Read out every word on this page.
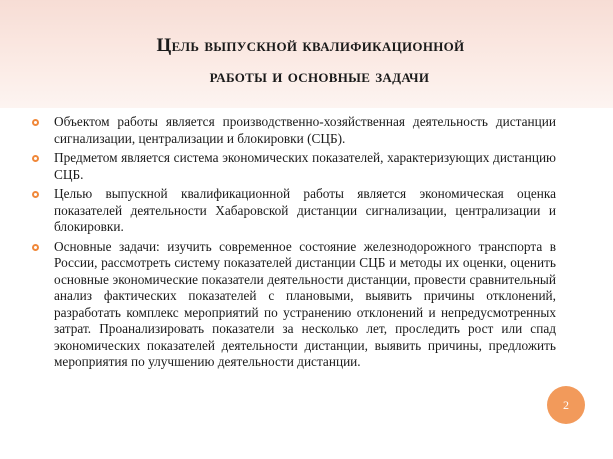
Цель выпускной квалификационной
работы и основные задачи
Объектом работы является производственно-хозяйственная деятельность дистанции сигнализации, централизации и блокировки (СЦБ).
Предметом является система экономических показателей, характеризующих дистанцию СЦБ.
Целью выпускной квалификационной работы является экономическая оценка показателей деятельности Хабаровской дистанции сигнализации, централизации и блокировки.
Основные задачи: изучить современное состояние железнодорожного транспорта в России, рассмотреть систему показателей дистанции СЦБ и методы их оценки, оценить основные экономические показатели деятельности дистанции, провести сравнительный анализ фактических показателей с плановыми, выявить причины отклонений, разработать комплекс мероприятий по устранению отклонений и непредусмотренных затрат. Проанализировать показатели за несколько лет, проследить рост или спад экономических показателей деятельности дистанции, выявить причины, предложить мероприятия по улучшению деятельности дистанции.
2
